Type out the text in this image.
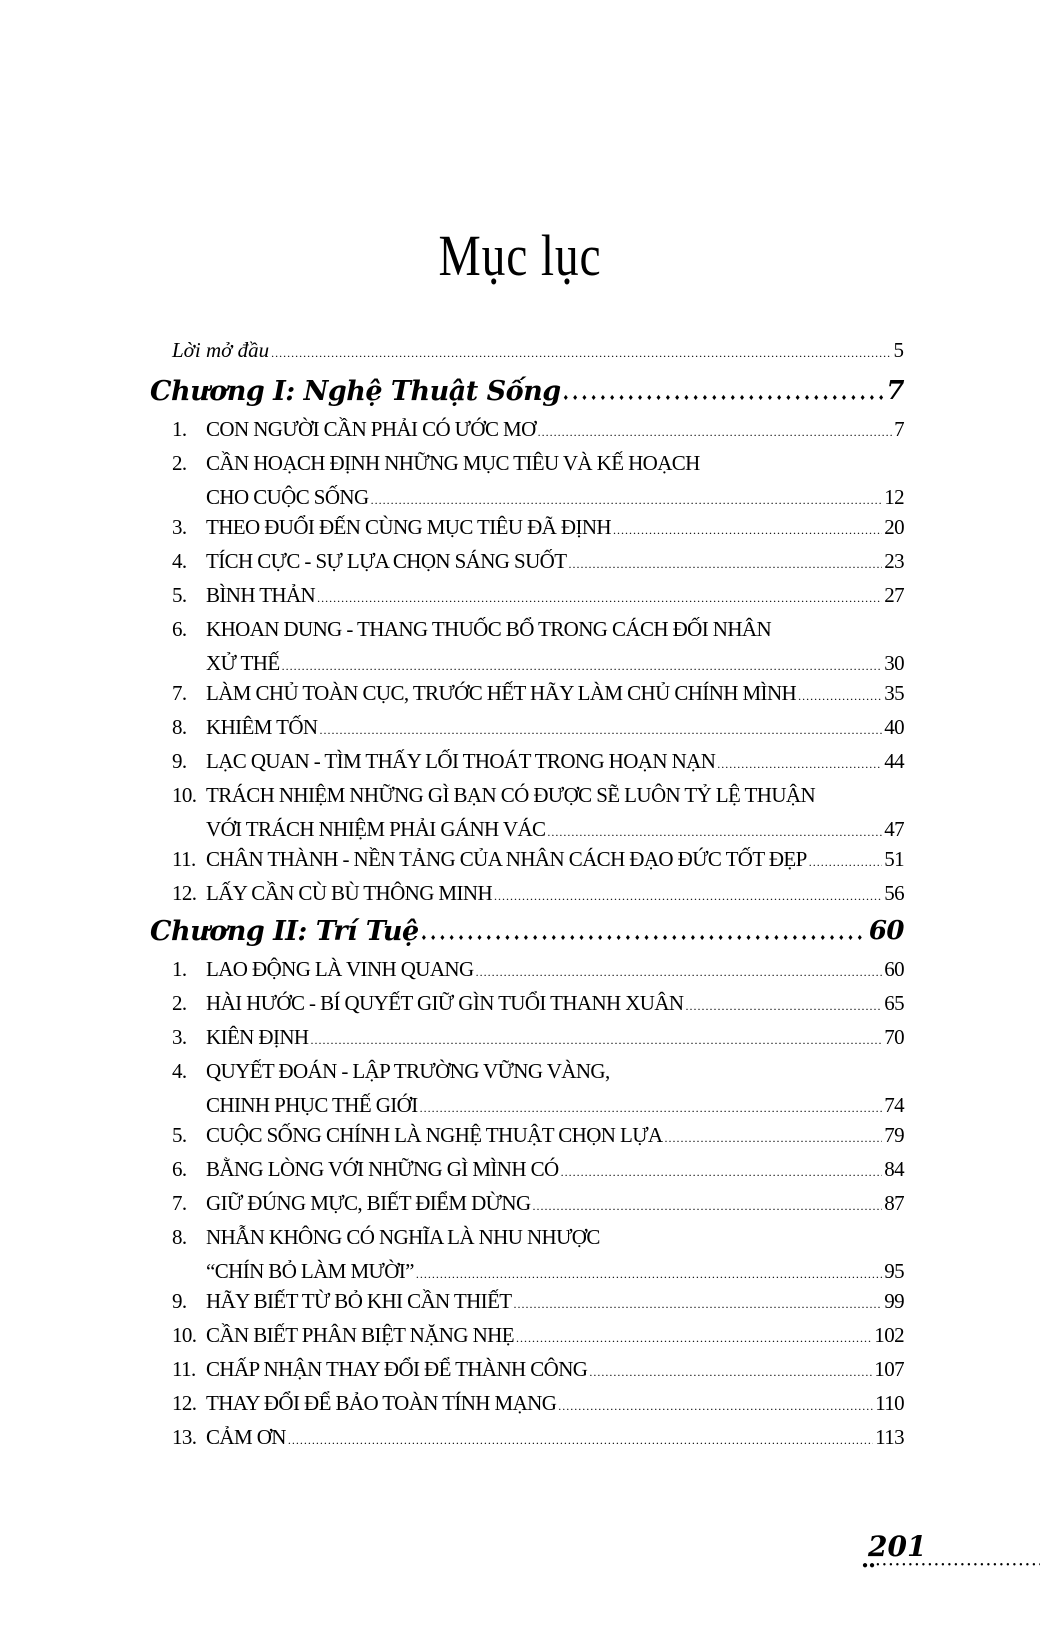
Mục lục
Lời mở đầu .....	5
Chương I: Nghệ Thuật Sống ♦♦♦♦♦♦♦♦♦♦♦♦♦♦♦♦♦♦♦♦♦♦♦♦♦♦♦♦♦♦♦♦♦♦♦♦♦♦♦♦♦♦♦♦♦♦♦♦♦♦♦♦♦♦♦♦♦♦♦♦♦♦♦♦♦♦♦♦♦♦♦♦♦♦♦♦♦♦♦♦♦♦♦♦♦♦♦♦♦♦♦♦♦♦♦♦♦♦♦♦	7
1. CON NGƯỜI CẦN PHẢI CÓ ƯỚC MƠ .....	7
2. CẦN HOẠCH ĐỊNH NHỮNG MỤC TIÊU VÀ KẾ HOẠCH
CHO CUỘC SỐNG .....	12
3. THEO ĐUỔI ĐẾN CÙNG MỤC TIÊU ĐÃ ĐỊNH .....	20
4. TÍCH CỰC - SỰ LỰA CHỌN SÁNG SUỐT .....	23
5. BÌNH THẢN .....	27
6. KHOAN DUNG - THANG THUỐC BỔ TRONG CÁCH ĐỐI NHÂN
XỬ THẾ .....	30
7. LÀM CHỦ TOÀN CỤC, TRƯỚC HẾT HÃY LÀM CHỦ CHÍNH MÌNH .....	35
8. KHIÊM TỐN .....	40
9. LẠC QUAN - TÌM THẤY LỐI THOÁT TRONG HOẠN NẠN .....	44
10. TRÁCH NHIỆM NHỮNG GÌ BẠN CÓ ĐƯỢC SẼ LUÔN TỶ LỆ THUẬN
VỚI TRÁCH NHIỆM PHẢI GÁNH VÁC .....	47
11. CHÂN THÀNH - NỀN TẢNG CỦA NHÂN CÁCH ĐẠO ĐỨC TỐT ĐẸP .....	51
12. LẤY CẦN CÙ BÙ THÔNG MINH .....	56
Chương II: Trí Tuệ ♦♦♦♦♦♦♦♦♦♦♦♦♦♦♦♦♦♦♦♦♦♦♦♦♦♦♦♦♦♦♦♦♦♦♦♦♦♦♦♦♦♦♦♦♦♦♦♦♦♦♦♦♦♦♦♦♦♦♦♦♦♦♦♦♦♦♦♦♦♦♦♦♦♦♦♦♦♦♦♦♦♦♦♦♦♦♦♦♦♦♦♦♦♦♦♦♦♦♦♦	60
1. LAO ĐỘNG LÀ VINH QUANG .....	60
2. HÀI HƯỚC - BÍ QUYẾT GIỮ GÌN TUỔI THANH XUÂN .....	65
3. KIÊN ĐỊNH .....	70
4. QUYẾT ĐOÁN - LẬP TRƯỜNG VỮNG VÀNG,
CHINH PHỤC THẾ GIỚI .....	74
5. CUỘC SỐNG CHÍNH LÀ NGHỆ THUẬT CHỌN LỰA .....	79
6. BẰNG LÒNG VỚI NHỮNG GÌ MÌNH CÓ .....	84
7. GIỮ ĐÚNG MỰC, BIẾT ĐIỂM DỪNG .....	87
8. NHẪN KHÔNG CÓ NGHĨA LÀ NHU NHƯỢC
“CHÍN BỎ LÀM MƯỜI” .....	95
9. HÃY BIẾT TỪ BỎ KHI CẦN THIẾT .....	99
10. CẦN BIẾT PHÂN BIỆT NẶNG NHẸ .....	102
11. CHẤP NHẬN THAY ĐỔI ĐỂ THÀNH CÔNG .....	107
12. THAY ĐỔI ĐỂ BẢO TOÀN TÍNH MẠNG .....	110
13. CẢM ƠN .....	113
201
●● •••••
